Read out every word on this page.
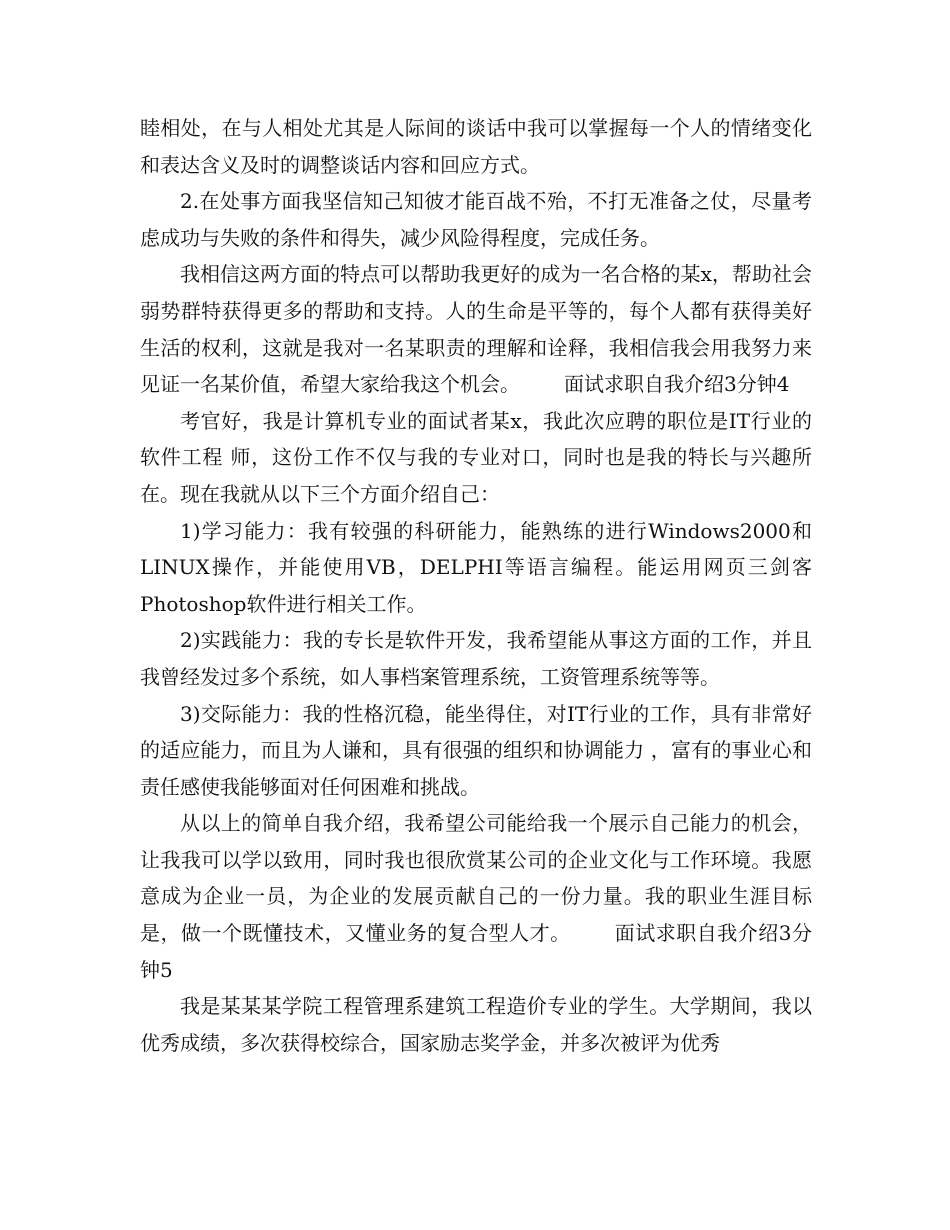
睦相处，在与人相处尤其是人际间的谈话中我可以掌握每一个人的情绪变化和表达含义及时的调整谈话内容和回应方式。

2.在处事方面我坚信知己知彼才能百战不殆，不打无准备之仗，尽量考虑成功与失败的条件和得失，减少风险得程度，完成任务。

我相信这两方面的特点可以帮助我更好的成为一名合格的某x，帮助社会弱势群特获得更多的帮助和支持。人的生命是平等的，每个人都有获得美好生活的权利，这就是我对一名某职责的理解和诠释，我相信我会用我努力来见证一名某价值，希望大家给我这个机会。 面试求职自我介绍3分钟4

考官好，我是计算机专业的面试者某x，我此次应聘的职位是IT行业的软件工程 师，这份工作不仅与我的专业对口，同时也是我的特长与兴趣所在。现在我就从以下三个方面介绍自己：

1)学习能力：我有较强的科研能力，能熟练的进行Windows2000和LINUX操作，并能使用VB，DELPHI等语言编程。能运用网页三剑客Photoshop软件进行相关工作。

2)实践能力：我的专长是软件开发，我希望能从事这方面的工作，并且我曾经发过多个系统，如人事档案管理系统，工资管理系统等等。

3)交际能力：我的性格沉稳，能坐得住，对IT行业的工作，具有非常好的适应能力，而且为人谦和，具有很强的组织和协调能力 ，富有的事业心和责任感使我能够面对任何困难和挑战。

从以上的简单自我介绍，我希望公司能给我一个展示自己能力的机会，让我我可以学以致用，同时我也很欣赏某公司的企业文化与工作环境。我愿意成为企业一员，为企业的发展贡献自己的一份力量。我的职业生涯目标是，做一个既懂技术，又懂业务的复合型人才。 面试求职自我介绍3分钟5

我是某某某学院工程管理系建筑工程造价专业的学生。大学期间，我以优秀成绩，多次获得校综合，国家励志奖学金，并多次被评为优秀
